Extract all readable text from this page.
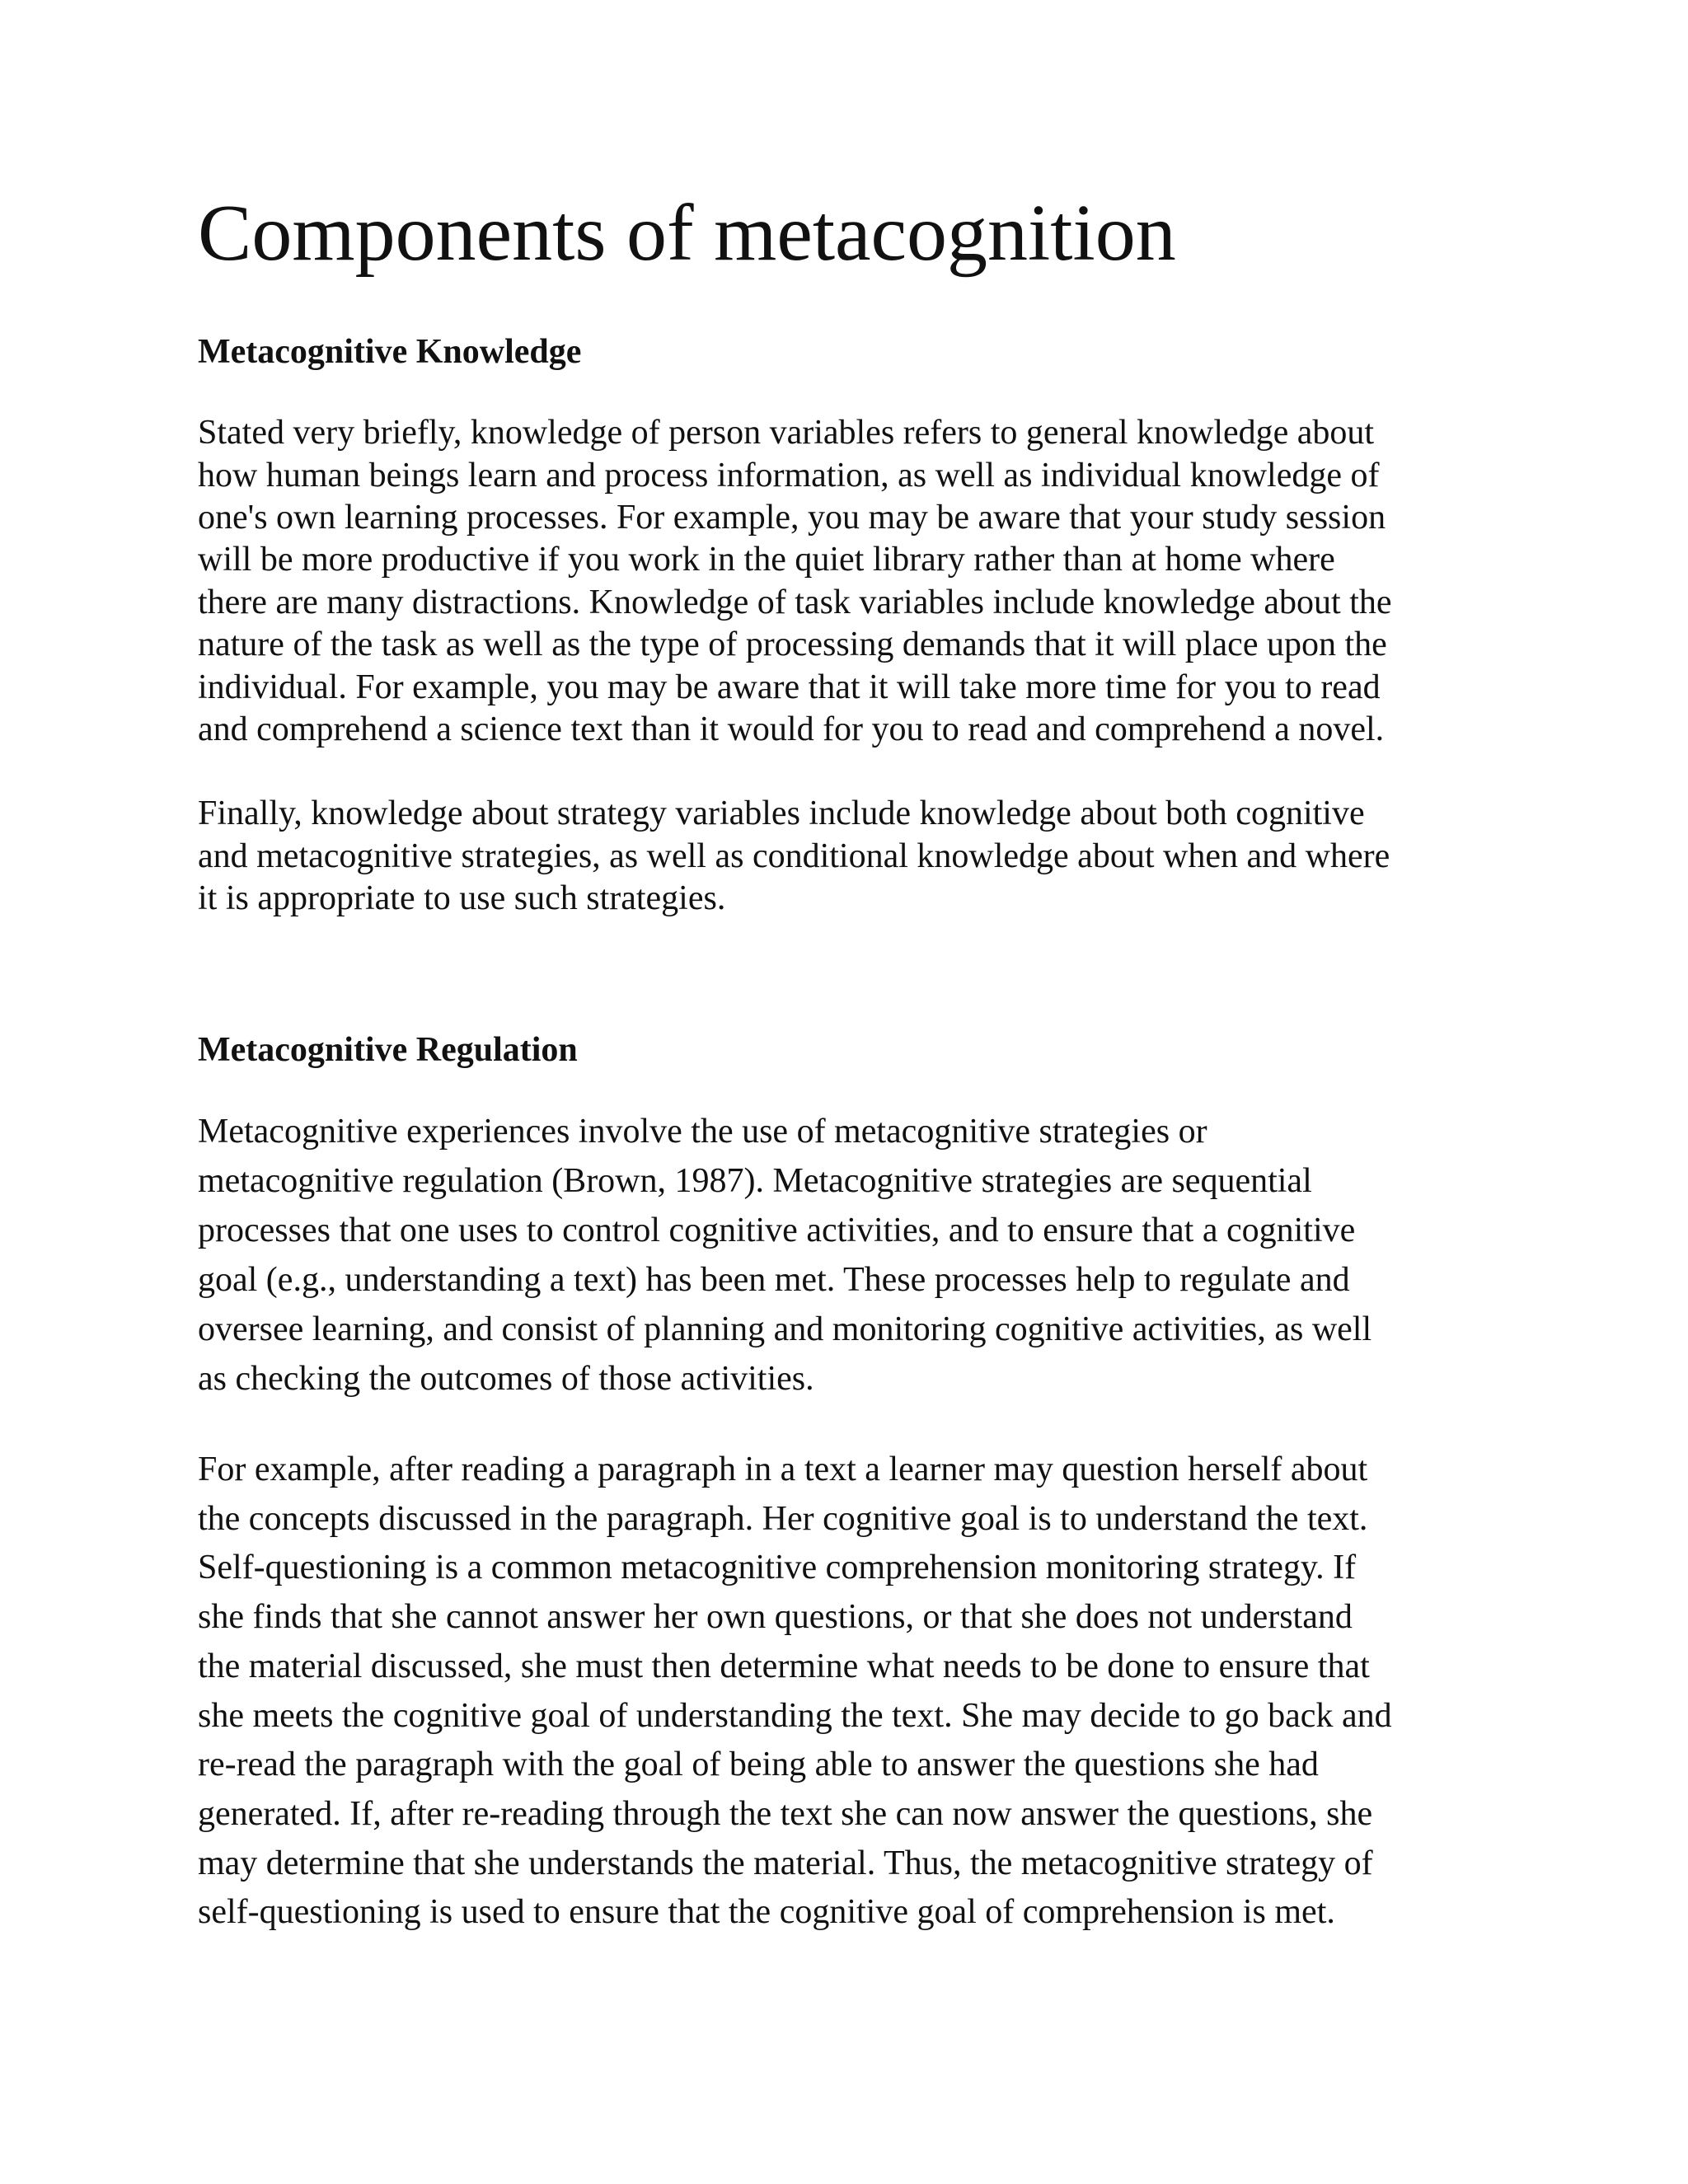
Components of metacognition
Metacognitive Knowledge

Stated very briefly, knowledge of person variables refers to general knowledge about
how human beings learn and process information, as well as individual knowledge of
one's own learning processes. For example, you may be aware that your study session
will be more productive if you work in the quiet library rather than at home where
there are many distractions. Knowledge of task variables include knowledge about the
nature of the task as well as the type of processing demands that it will place upon the
individual. For example, you may be aware that it will take more time for you to read
and comprehend a science text than it would for you to read and comprehend a novel.

Finally, knowledge about strategy variables include knowledge about both cognitive
and metacognitive strategies, as well as conditional knowledge about when and where
it is appropriate to use such strategies.

Metacognitive Regulation

Metacognitive experiences involve the use of metacognitive strategies or
metacognitive regulation (Brown, 1987). Metacognitive strategies are sequential
processes that one uses to control cognitive activities, and to ensure that a cognitive
goal (e.g., understanding a text) has been met. These processes help to regulate and
oversee learning, and consist of planning and monitoring cognitive activities, as well
as checking the outcomes of those activities.

For example, after reading a paragraph in a text a learner may question herself about
the concepts discussed in the paragraph. Her cognitive goal is to understand the text.
Self-questioning is a common metacognitive comprehension monitoring strategy. If
she finds that she cannot answer her own questions, or that she does not understand
the material discussed, she must then determine what needs to be done to ensure that
she meets the cognitive goal of understanding the text. She may decide to go back and
re-read the paragraph with the goal of being able to answer the questions she had
generated. If, after re-reading through the text she can now answer the questions, she
may determine that she understands the material. Thus, the metacognitive strategy of
self-questioning is used to ensure that the cognitive goal of comprehension is met.
